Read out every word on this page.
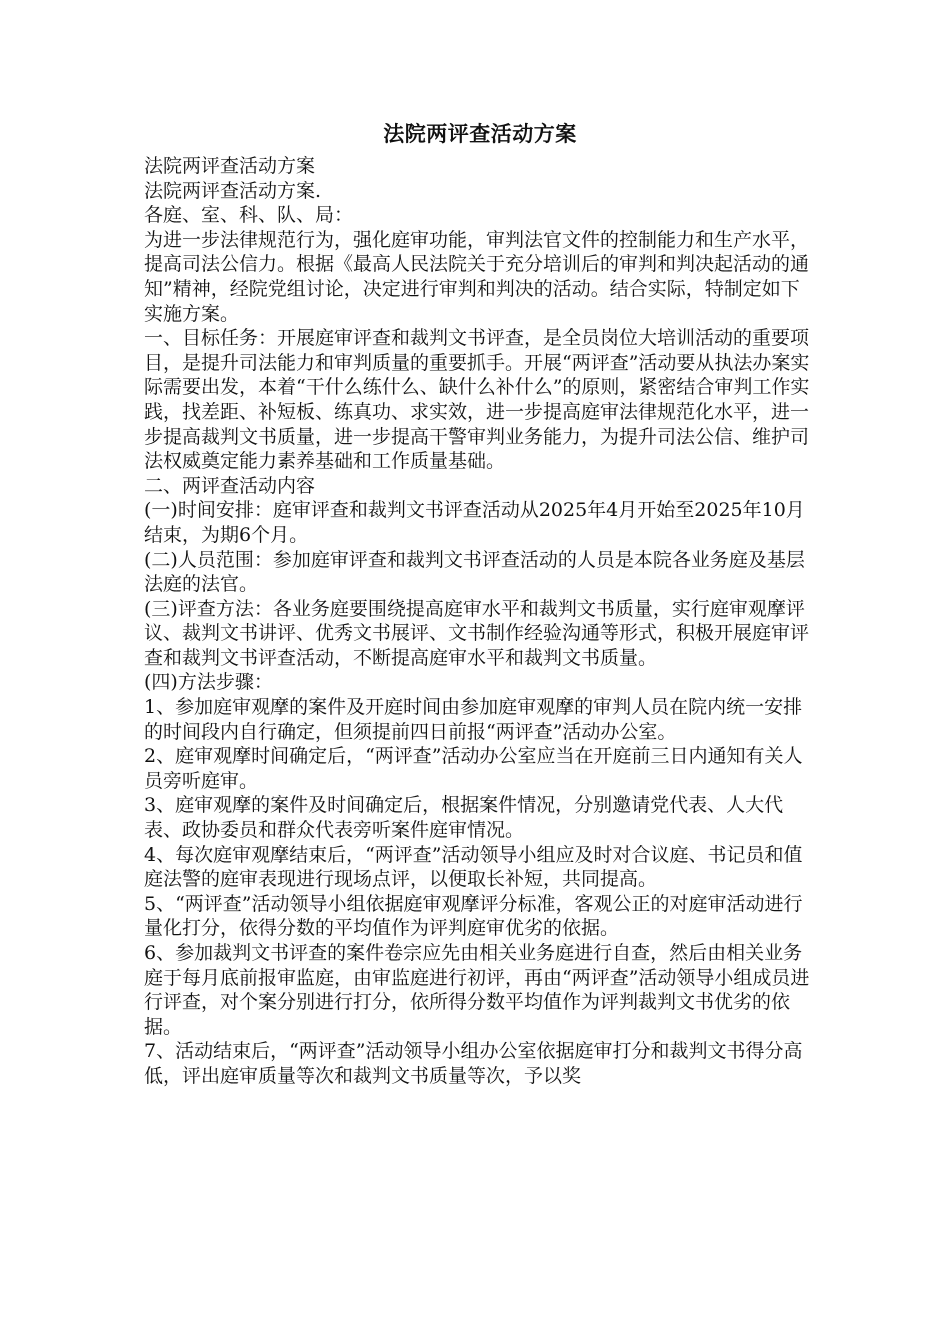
法院两评查活动方案

法院两评查活动方案

法院两评查活动方案.

各庭、室、科、队、局：

为进一步法律规范行为，强化庭审功能，审判法官文件的控制能力和生产水平，提高司法公信力。根据《最高人民法院关于充分培训后的审判和判决起活动的通知”精神，经院党组讨论，决定进行审判和判决的活动。结合实际，特制定如下实施方案。

一、目标任务：开展庭审评查和裁判文书评查，是全员岗位大培训活动的重要项目，是提升司法能力和审判质量的重要抓手。开展“两评查”活动要从执法办案实际需要出发，本着“干什么练什么、缺什么补什么”的原则，紧密结合审判工作实践，找差距、补短板、练真功、求实效，进一步提高庭审法律规范化水平，进一步提高裁判文书质量，进一步提高干警审判业务能力，为提升司法公信、维护司法权威奠定能力素养基础和工作质量基础。

二、两评查活动内容

(一)时间安排：庭审评查和裁判文书评查活动从2025年4月开始至2025年10月结束，为期6个月。

(二)人员范围：参加庭审评查和裁判文书评查活动的人员是本院各业务庭及基层法庭的法官。

(三)评查方法：各业务庭要围绕提高庭审水平和裁判文书质量，实行庭审观摩评议、裁判文书讲评、优秀文书展评、文书制作经验沟通等形式，积极开展庭审评查和裁判文书评查活动，不断提高庭审水平和裁判文书质量。

(四)方法步骤：

1、参加庭审观摩的案件及开庭时间由参加庭审观摩的审判人员在院内统一安排的时间段内自行确定，但须提前四日前报“两评查”活动办公室。

2、庭审观摩时间确定后，“两评查”活动办公室应当在开庭前三日内通知有关人员旁听庭审。

3、庭审观摩的案件及时间确定后，根据案件情况，分别邀请党代表、人大代表、政协委员和群众代表旁听案件庭审情况。

4、每次庭审观摩结束后，“两评查”活动领导小组应及时对合议庭、书记员和值庭法警的庭审表现进行现场点评，以便取长补短，共同提高。

5、“两评查”活动领导小组依据庭审观摩评分标准，客观公正的对庭审活动进行量化打分，依得分数的平均值作为评判庭审优劣的依据。

6、参加裁判文书评查的案件卷宗应先由相关业务庭进行自查，然后由相关业务庭于每月底前报审监庭，由审监庭进行初评，再由“两评查”活动领导小组成员进行评查，对个案分别进行打分，依所得分数平均值作为评判裁判文书优劣的依据。

7、活动结束后，“两评查”活动领导小组办公室依据庭审打分和裁判文书得分高低，评出庭审质量等次和裁判文书质量等次，予以奖
